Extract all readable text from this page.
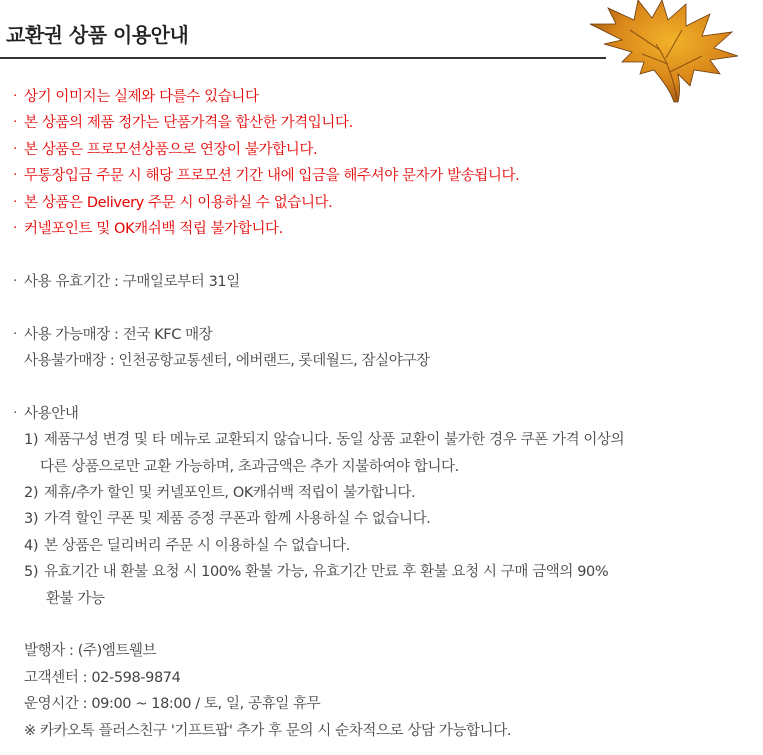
교환권 상품 이용안내
· 상기 이미지는 실제와 다를수 있습니다
· 본 상품의 제품 정가는 단품가격을 합산한 가격입니다.
· 본 상품은 프로모션상품으로 연장이 불가합니다.
· 무통장입금 주문 시 해당 프로모션 기간 내에 입금을 해주셔야 문자가 발송됩니다.
· 본 상품은 Delivery 주문 시 이용하실 수 없습니다.
· 커넬포인트 및 OK캐쉬백 적립 불가합니다.
· 사용 유효기간 : 구매일로부터 31일
· 사용 가능매장 : 전국 KFC 매장
사용불가매장 : 인천공항교통센터, 에버랜드, 롯데월드, 잠실야구장
· 사용안내
1) 제품구성 변경 및 타 메뉴로 교환되지 않습니다. 동일 상품 교환이 불가한 경우 쿠폰 가격 이상의
다른 상품으로만 교환 가능하며, 초과금액은 추가 지불하여야 합니다.
2) 제휴/추가 할인 및 커넬포인트, OK캐쉬백 적립이 불가합니다.
3) 가격 할인 쿠폰 및 제품 증정 쿠폰과 함께 사용하실 수 없습니다.
4) 본 상품은 딜리버리 주문 시 이용하실 수 없습니다.
5) 유효기간 내 환불 요청 시 100% 환불 가능, 유효기간 만료 후 환불 요청 시 구매 금액의 90%
환불 가능
발행자 : (주)엠트웰브
고객센터 : 02-598-9874
운영시간 : 09:00 ~ 18:00 / 토, 일, 공휴일 휴무
※ 카카오톡 플러스친구 '기프트팝' 추가 후 문의 시 순차적으로 상담 가능합니다.
